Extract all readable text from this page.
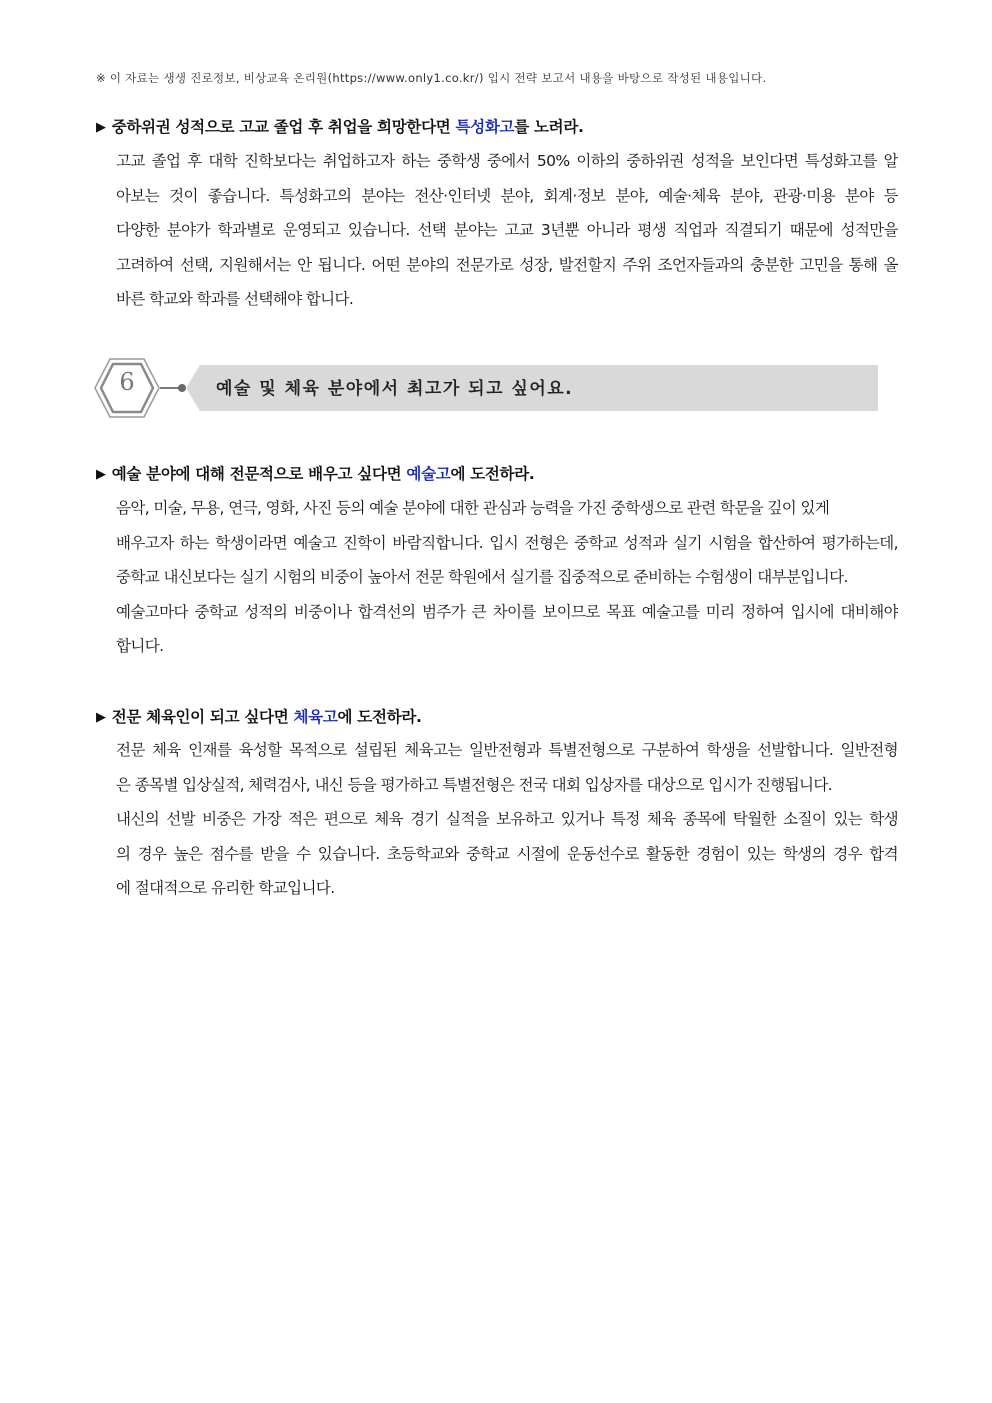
※ 이 자료는 생생 진로정보, 비상교육 온리원(https://www.only1.co.kr/) 입시 전략 보고서 내용을 바탕으로 작성된 내용입니다.
▶ 중하위권 성적으로 고교 졸업 후 취업을 희망한다면 특성화고를 노려라.
고교 졸업 후 대학 진학보다는 취업하고자 하는 중학생 중에서 50% 이하의 중하위권 성적을 보인다면 특성화고를 알
아보는 것이 좋습니다. 특성화고의 분야는 전산·인터넷 분야, 회계·정보 분야, 예술·체육 분야, 관광·미용 분야 등
다양한 분야가 학과별로 운영되고 있습니다. 선택 분야는 고교 3년뿐 아니라 평생 직업과 직결되기 때문에 성적만을
고려하여 선택, 지원해서는 안 됩니다. 어떤 분야의 전문가로 성장, 발전할지 주위 조언자들과의 충분한 고민을 통해 올
바른 학교와 학과를 선택해야 합니다.
6	예술 및 체육 분야에서 최고가 되고 싶어요.
▶ 예술 분야에 대해 전문적으로 배우고 싶다면 예술고에 도전하라.
음악, 미술, 무용, 연극, 영화, 사진 등의 예술 분야에 대한 관심과 능력을 가진 중학생으로 관련 학문을 깊이 있게
배우고자 하는 학생이라면 예술고 진학이 바람직합니다. 입시 전형은 중학교 성적과 실기 시험을 합산하여 평가하는데,
중학교 내신보다는 실기 시험의 비중이 높아서 전문 학원에서 실기를 집중적으로 준비하는 수험생이 대부분입니다.
예술고마다 중학교 성적의 비중이나 합격선의 범주가 큰 차이를 보이므로 목표 예술고를 미리 정하여 입시에 대비해야
합니다.
▶ 전문 체육인이 되고 싶다면 체육고에 도전하라.
전문 체육 인재를 육성할 목적으로 설립된 체육고는 일반전형과 특별전형으로 구분하여 학생을 선발합니다. 일반전형
은 종목별 입상실적, 체력검사, 내신 등을 평가하고 특별전형은 전국 대회 입상자를 대상으로 입시가 진행됩니다.
내신의 선발 비중은 가장 적은 편으로 체육 경기 실적을 보유하고 있거나 특정 체육 종목에 탁월한 소질이 있는 학생
의 경우 높은 점수를 받을 수 있습니다. 초등학교와 중학교 시절에 운동선수로 활동한 경험이 있는 학생의 경우 합격
에 절대적으로 유리한 학교입니다.
